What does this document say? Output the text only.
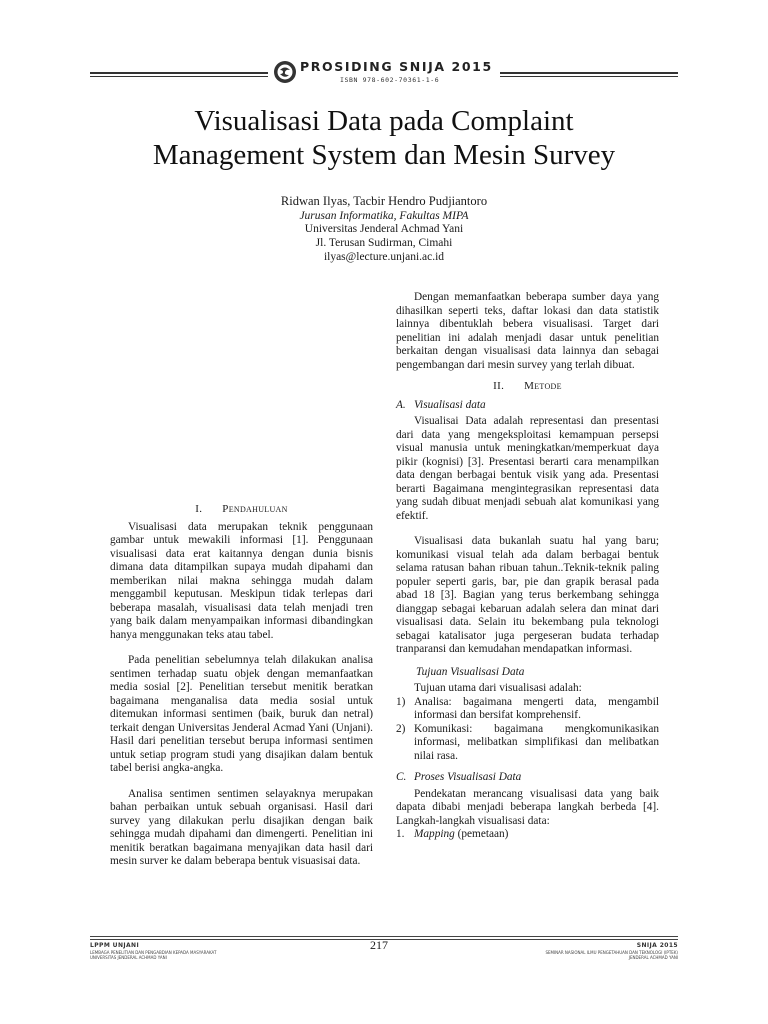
PROSIDING SNIJA 2015
ISBN 978-602-70361-1-6
Visualisasi Data pada Complaint
Management System dan Mesin Survey
Ridwan Ilyas, Tacbir Hendro Pudjiantoro
Jurusan Informatika, Fakultas MIPA
Universitas Jenderal Achmad Yani
Jl. Terusan Sudirman, Cimahi
ilyas@lecture.unjani.ac.id

I. Pendahuluan

Visualisasi data merupakan teknik penggunaan gambar untuk mewakili informasi [1]. Penggunaan visualisasi data erat kaitannya dengan dunia bisnis dimana data ditampilkan supaya mudah dipahami dan memberikan nilai makna sehingga mudah dalam menggambil keputusan. Meskipun tidak terlepas dari beberapa masalah, visualisasi data telah menjadi tren yang baik dalam menyampaikan informasi dibandingkan hanya menggunakan teks atau tabel.

Pada penelitian sebelumnya telah dilakukan analisa sentimen terhadap suatu objek dengan memanfaatkan media sosial [2]. Penelitian tersebut menitik beratkan bagaimana menganalisa data media sosial untuk ditemukan informasi sentimen (baik, buruk dan netral) terkait dengan Universitas Jenderal Acmad Yani (Unjani). Hasil dari penelitian tersebut berupa informasi sentimen untuk setiap program studi yang disajikan dalam bentuk tabel berisi angka-angka.

Analisa sentimen sentimen selayaknya merupakan bahan perbaikan untuk sebuah organisasi. Hasil dari survey yang dilakukan perlu disajikan dengan baik sehingga mudah dipahami dan dimengerti. Penelitian ini menitik beratkan bagaimana menyajikan data hasil dari mesin surver ke dalam beberapa bentuk visuasisai data.

Dengan memanfaatkan beberapa sumber daya yang dihasilkan seperti teks, daftar lokasi dan data statistik lainnya dibentuklah bebera visualisasi. Target dari penelitian ini adalah menjadi dasar untuk penelitian berkaitan dengan visualisasi data lainnya dan sebagai pengembangan dari mesin survey yang terlah dibuat.

II. Metode

A. Visualisasi data

Visualisai Data adalah representasi dan presentasi dari data yang mengeksploitasi kemampuan persepsi visual manusia untuk meningkatkan/memperkuat daya pikir (kognisi) [3]. Presentasi berarti cara menampilkan data dengan berbagai bentuk visik yang ada. Presentasi berarti Bagaimana mengintegrasikan representasi data yang sudah dibuat menjadi sebuah alat komunikasi yang efektif.

Visualisasi data bukanlah suatu hal yang baru; komunikasi visual telah ada dalam berbagai bentuk selama ratusan bahan ribuan tahun..Teknik-teknik paling populer seperti garis, bar, pie dan grapik berasal pada abad 18 [3]. Bagian yang terus berkembang sehingga dianggap sebagai kebaruan adalah selera dan minat dari visualisasi data. Selain itu bekembang pula teknologi sebagai katalisator juga pergeseran budata terhadap tranparansi dan kemudahan mendapatkan informasi.

Tujuan Visualisasi Data

Tujuan utama dari visualisasi adalah:

1) Analisa: bagaimana mengerti data, mengambil informasi dan bersifat komprehensif.

2) Komunikasi: bagaimana mengkomunikasikan informasi, melibatkan simplifikasi dan melibatkan nilai rasa.

C. Proses Visualisasi Data

Pendekatan merancang visualisasi data yang baik dapata dibabi menjadi beberapa langkah berbeda [4]. Langkah-langkah visualisasi data:

1. Mapping (pemetaan)

217
LPPM UNJANI
LEMBAGA PENELITIAN DAN PENGABDIAN KEPADA MASYARAKAT
UNIVERSITAS JENDERAL ACHMAD YANI
SNIJA 2015
SEMINAR NASIONAL ILMU PENGETAHUAN DAN TEKNOLOGI (IPTEK)
JENDERAL ACHMAD YANI
